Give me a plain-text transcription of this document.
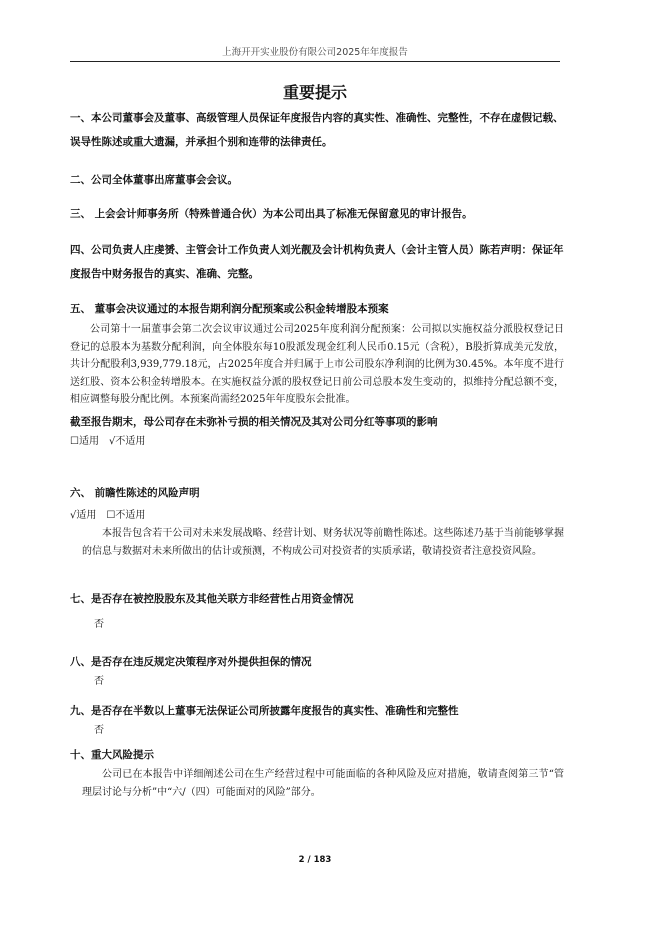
上海开开实业股份有限公司2025年年度报告
重要提示
一、本公司董事会及董事、高级管理人员保证年度报告内容的真实性、准确性、完整性，不存在虚假记载、误导性陈述或重大遗漏，并承担个别和连带的法律责任。
二、公司全体董事出席董事会会议。
三、 上会会计师事务所（特殊普通合伙）为本公司出具了标准无保留意见的审计报告。
四、公司负责人庄虔赟、主管会计工作负责人刘光靓及会计机构负责人（会计主管人员）陈若声明：保证年度报告中财务报告的真实、准确、完整。
五、 董事会决议通过的本报告期利润分配预案或公积金转增股本预案
公司第十一届董事会第二次会议审议通过公司2025年度利润分配预案：公司拟以实施权益分派股权登记日登记的总股本为基数分配利润，向全体股东每10股派发现金红利人民币0.15元（含税），B股折算成美元发放，共计分配股利3,939,779.18元，占2025年度合并归属于上市公司股东净利润的比例为30.45%。本年度不进行送红股、资本公积金转增股本。在实施权益分派的股权登记日前公司总股本发生变动的，拟维持分配总额不变，相应调整每股分配比例。本预案尚需经2025年年度股东会批准。
截至报告期末，母公司存在未弥补亏损的相关情况及其对公司分红等事项的影响
☐适用 √不适用
六、 前瞻性陈述的风险声明
√适用 ☐不适用
本报告包含若干公司对未来发展战略、经营计划、财务状况等前瞻性陈述。这些陈述乃基于当前能够掌握的信息与数据对未来所做出的估计或预测，不构成公司对投资者的实质承诺，敬请投资者注意投资风险。
七、是否存在被控股股东及其他关联方非经营性占用资金情况
否
八、是否存在违反规定决策程序对外提供担保的情况
否
九、是否存在半数以上董事无法保证公司所披露年度报告的真实性、准确性和完整性
否
十、重大风险提示
公司已在本报告中详细阐述公司在生产经营过程中可能面临的各种风险及应对措施，敬请查阅第三节“管理层讨论与分析”中“六/（四）可能面对的风险”部分。
2 / 183
